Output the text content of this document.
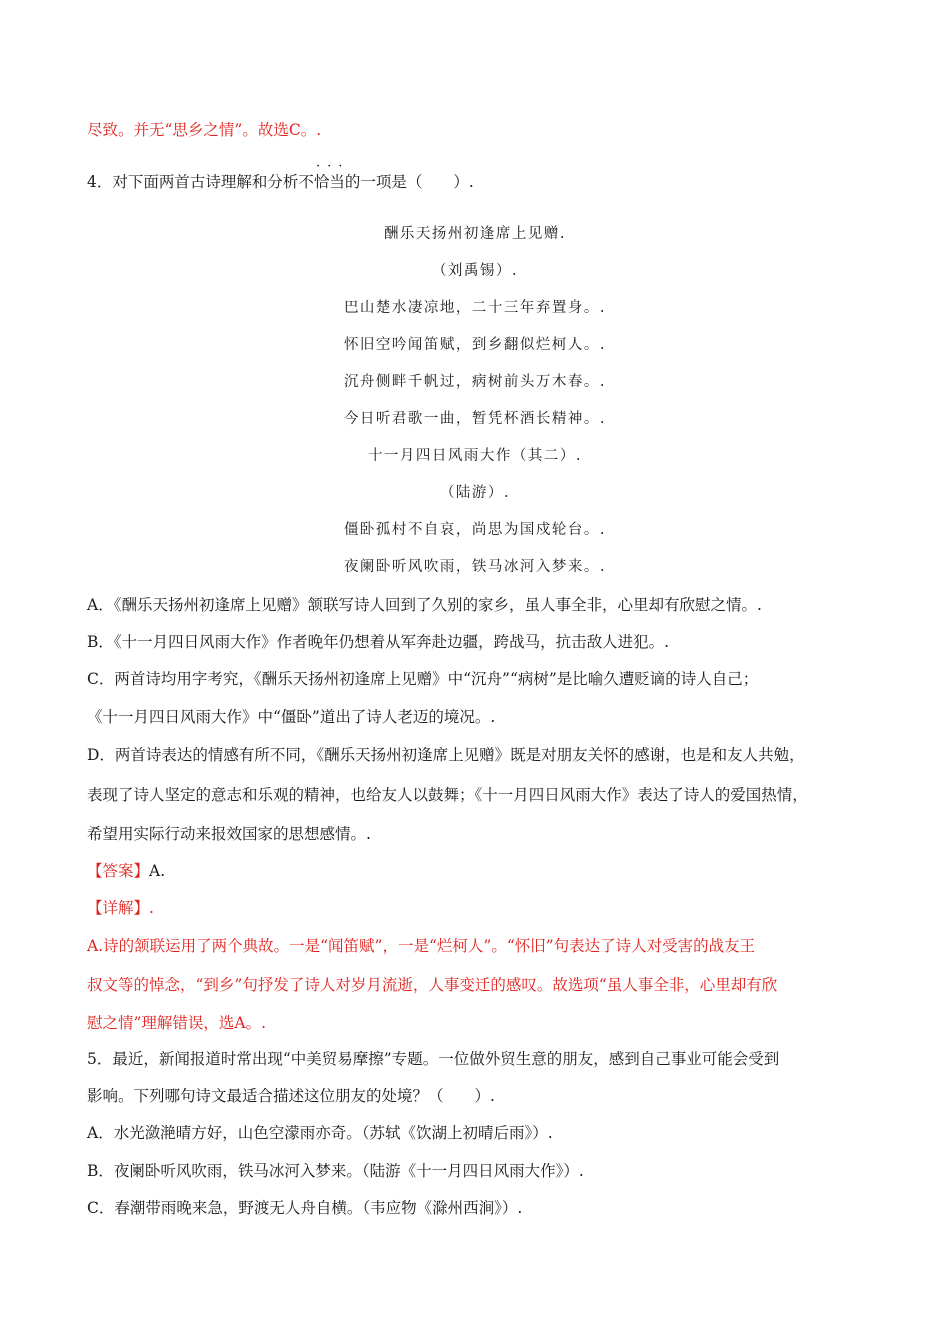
尽致。并无“思乡之情”。故选C。.
···
4．对下面两首古诗理解和分析不恰当的一项是（　　）.
酬乐天扬州初逢席上见赠.
（刘禹锡）.
巴山楚水凄凉地，二十三年弃置身。.
怀旧空吟闻笛赋，到乡翻似烂柯人。.
沉舟侧畔千帆过，病树前头万木春。.
今日听君歌一曲，暂凭杯酒长精神。.
十一月四日风雨大作（其二）.
（陆游）.
僵卧孤村不自哀，尚思为国戍轮台。.
夜阑卧听风吹雨，铁马冰河入梦来。.
A．《酬乐天扬州初逢席上见赠》颔联写诗人回到了久别的家乡，虽人事全非，心里却有欣慰之情。.
B．《十一月四日风雨大作》作者晚年仍想着从军奔赴边疆，跨战马，抗击敌人进犯。.
C．两首诗均用字考究，《酬乐天扬州初逢席上见赠》中“沉舟”“病树”是比喻久遭贬谪的诗人自己；
《十一月四日风雨大作》中“僵卧”道出了诗人老迈的境况。.
D．两首诗表达的情感有所不同，《酬乐天扬州初逢席上见赠》既是对朋友关怀的感谢，也是和友人共勉，
表现了诗人坚定的意志和乐观的精神，也给友人以鼓舞；《十一月四日风雨大作》表达了诗人的爱国热情，
希望用实际行动来报效国家的思想感情。.
【答案】A.
【详解】.
A.诗的颔联运用了两个典故。一是“闻笛赋”，一是“烂柯人”。“怀旧”句表达了诗人对受害的战友王
叔文等的悼念，“到乡”句抒发了诗人对岁月流逝，人事变迁的感叹。故选项“虽人事全非，心里却有欣
慰之情”理解错误，选A。.
5．最近，新闻报道时常出现“中美贸易摩擦”专题。一位做外贸生意的朋友，感到自己事业可能会受到
影响。下列哪句诗文最适合描述这位朋友的处境？（　　）.
A．水光潋滟晴方好，山色空濛雨亦奇。（苏轼《饮湖上初晴后雨》）.
B．夜阑卧听风吹雨，铁马冰河入梦来。（陆游《十一月四日风雨大作》）.
C．春潮带雨晚来急，野渡无人舟自横。（韦应物《滁州西涧》）.
